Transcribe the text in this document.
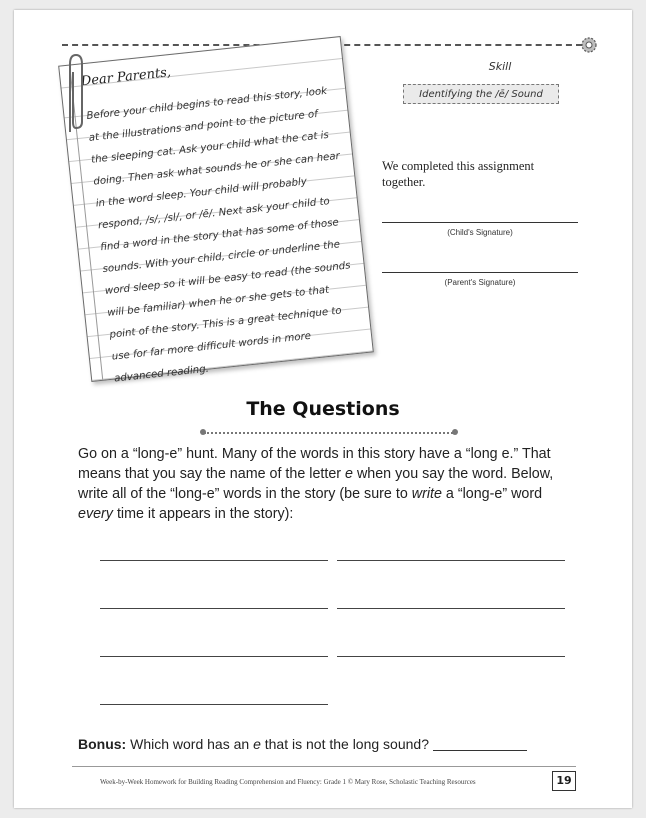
Dear Parents,
Before your child begins to read this story, look at the illustrations and point to the picture of the sleeping cat. Ask your child what the cat is doing. Then ask what sounds he or she can hear in the word sleep. Your child will probably respond, /s/, /sl/, or /ē/. Next ask your child to find a word in the story that has some of those sounds. With your child, circle or underline the word sleep so it will be easy to read (the sounds will be familiar) when he or she gets to that point of the story. This is a great technique to use for far more difficult words in more advanced reading.
Skill
Identifying the /ē/ Sound
We completed this assignment together.
(Child's Signature)
(Parent's Signature)
The Questions
Go on a “long-e” hunt. Many of the words in this story have a “long e.” That means that you say the name of the letter e when you say the word. Below, write all of the “long-e” words in the story (be sure to write a “long-e” word every time it appears in the story):
Bonus: Which word has an e that is not the long sound?
Week-by-Week Homework for Building Reading Comprehension and Fluency: Grade 1 © Mary Rose, Scholastic Teaching Resources	19
